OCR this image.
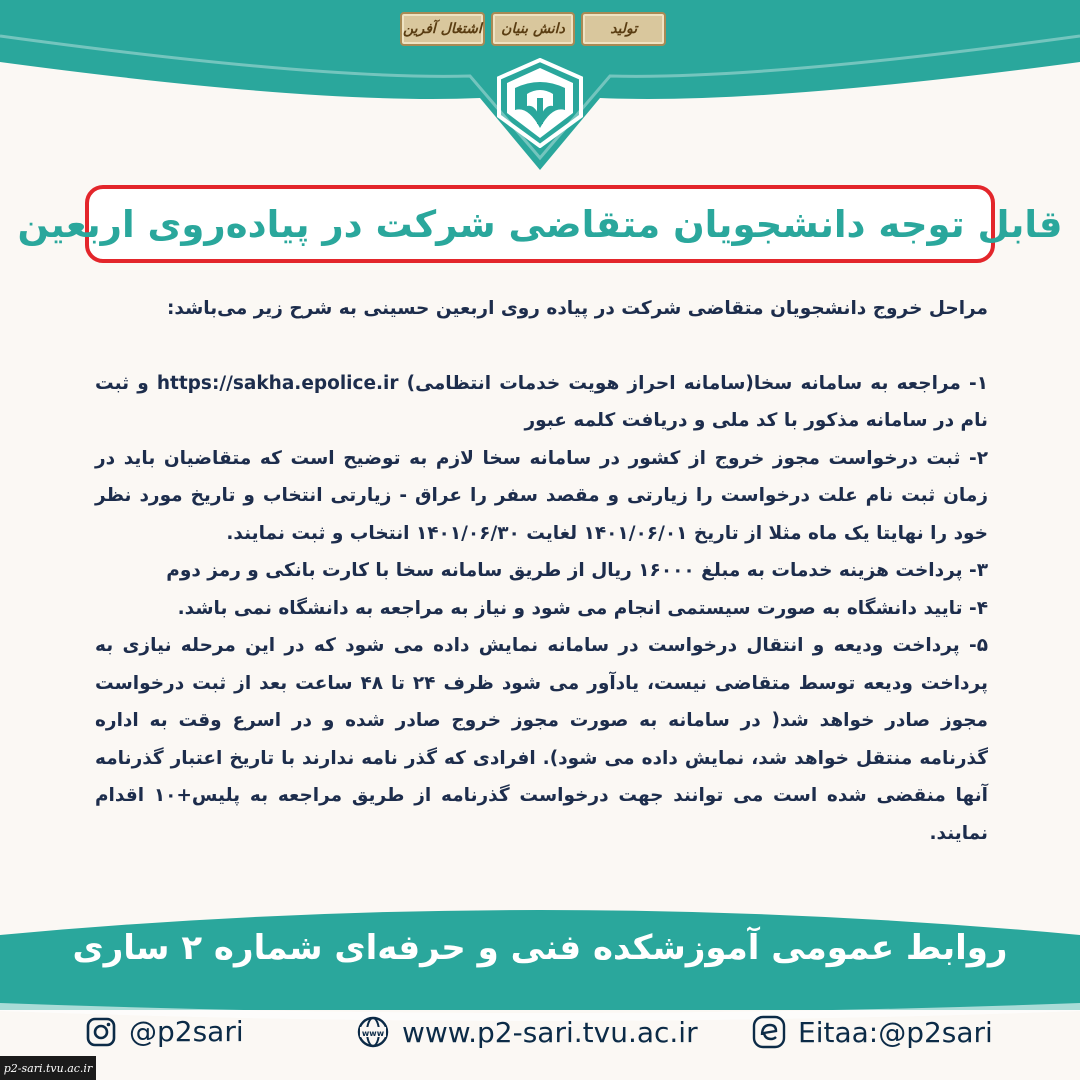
تولید
دانش بنیان
اشتغال آفرین
قابل توجه دانشجویان متقاضی شرکت در پیاده‌روی اربعین

مراحل خروج دانشجویان متقاضی شرکت در پیاده روی اربعین حسینی به شرح زیر می‌باشد:

۱- مراجعه به سامانه سخا(سامانه احراز هویت خدمات انتظامی) https://sakha.epolice.ir و ثبت نام در سامانه مذکور با کد ملی و دریافت کلمه عبور

۲- ثبت درخواست مجوز خروج از کشور در سامانه سخا لازم به توضیح است که متقاضیان باید در زمان ثبت نام علت درخواست را زیارتی و مقصد سفر را عراق - زیارتی انتخاب و تاریخ مورد نظر خود را نهایتا یک ماه مثلا از تاریخ ۱۴۰۱/۰۶/۰۱ لغایت ۱۴۰۱/۰۶/۳۰ انتخاب و ثبت نمایند.

۳- پرداخت هزینه خدمات به مبلغ ۱۶۰۰۰ ریال از طریق سامانه سخا با کارت بانکی و رمز دوم

۴- تایید دانشگاه به صورت سیستمی انجام می شود و نیاز به مراجعه به دانشگاه نمی باشد.

۵- پرداخت ودیعه و انتقال درخواست در سامانه نمایش داده می شود که در این مرحله نیازی به پرداخت ودیعه توسط متقاضی نیست، یادآور می شود ظرف ۲۴ تا ۴۸ ساعت بعد از ثبت درخواست مجوز صادر خواهد شد( در سامانه به صورت مجوز خروج صادر شده و در اسرع وقت به اداره گذرنامه منتقل خواهد شد، نمایش داده می شود). افرادی که گذر نامه ندارند با تاریخ اعتبار گذرنامه آنها منقضی شده است می توانند جهت درخواست گذرنامه از طریق مراجعه به پلیس+۱۰ اقدام نمایند.

روابط عمومی آموزشکده فنی و حرفه‌ای شماره ۲ ساری
@p2sari	www www.p2-sari.tvu.ac.ir	Eitaa:@p2sari
p2-sari.tvu.ac.ir
